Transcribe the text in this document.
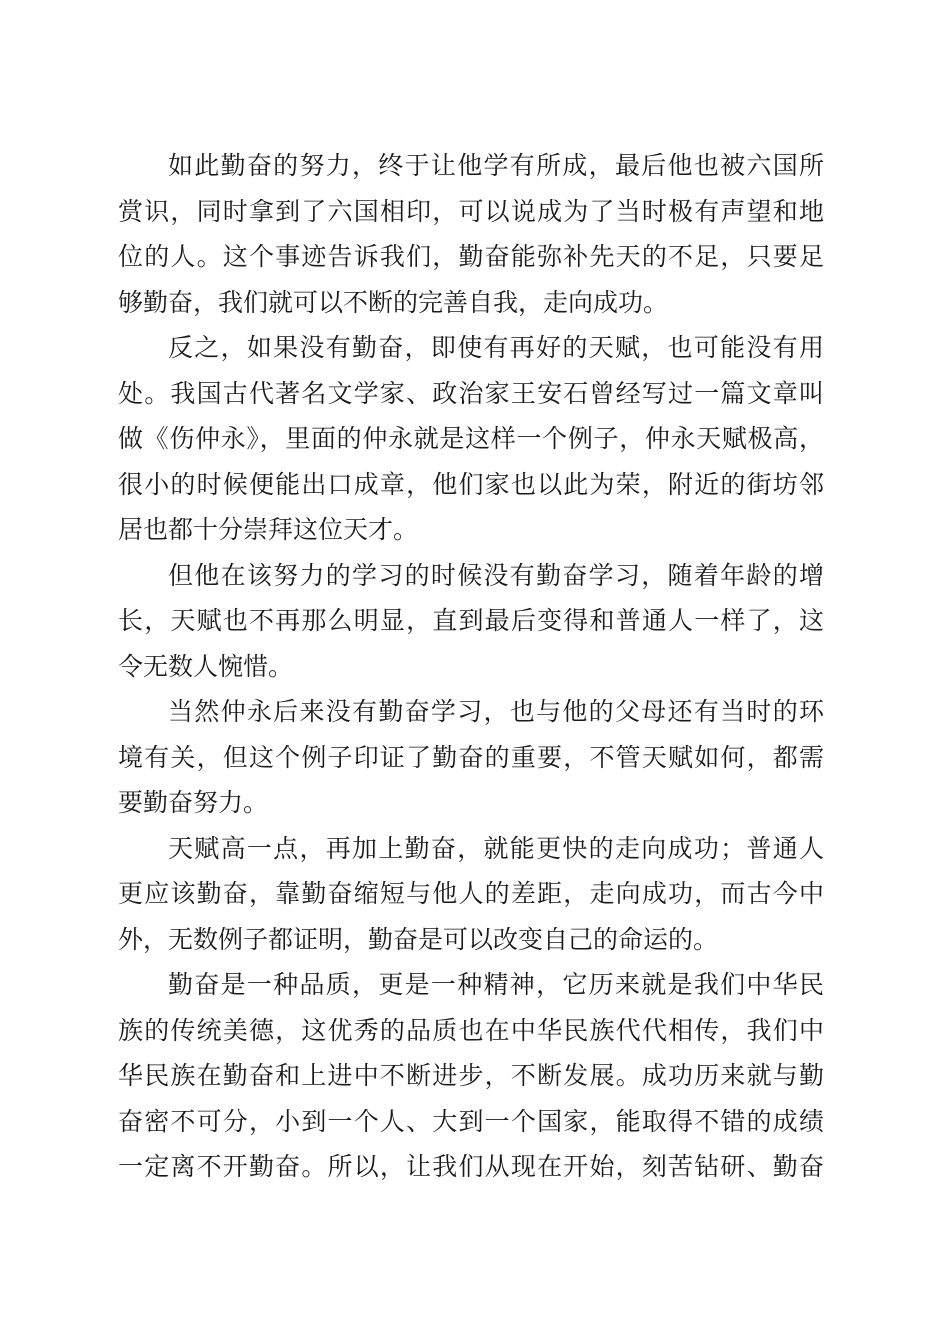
如此勤奋的努力，终于让他学有所成，最后他也被六国所
赏识，同时拿到了六国相印，可以说成为了当时极有声望和地
位的人。这个事迹告诉我们，勤奋能弥补先天的不足，只要足
够勤奋，我们就可以不断的完善自我，走向成功。
反之，如果没有勤奋，即使有再好的天赋，也可能没有用
处。我国古代著名文学家、政治家王安石曾经写过一篇文章叫
做《伤仲永》，里面的仲永就是这样一个例子，仲永天赋极高，
很小的时候便能出口成章，他们家也以此为荣，附近的街坊邻
居也都十分崇拜这位天才。
但他在该努力的学习的时候没有勤奋学习，随着年龄的增
长，天赋也不再那么明显，直到最后变得和普通人一样了，这
令无数人惋惜。
当然仲永后来没有勤奋学习，也与他的父母还有当时的环
境有关，但这个例子印证了勤奋的重要，不管天赋如何，都需
要勤奋努力。
天赋高一点，再加上勤奋，就能更快的走向成功；普通人
更应该勤奋，靠勤奋缩短与他人的差距，走向成功，而古今中
外，无数例子都证明，勤奋是可以改变自己的命运的。
勤奋是一种品质，更是一种精神，它历来就是我们中华民
族的传统美德，这优秀的品质也在中华民族代代相传，我们中
华民族在勤奋和上进中不断进步，不断发展。成功历来就与勤
奋密不可分，小到一个人、大到一个国家，能取得不错的成绩
一定离不开勤奋。所以，让我们从现在开始，刻苦钻研、勤奋
